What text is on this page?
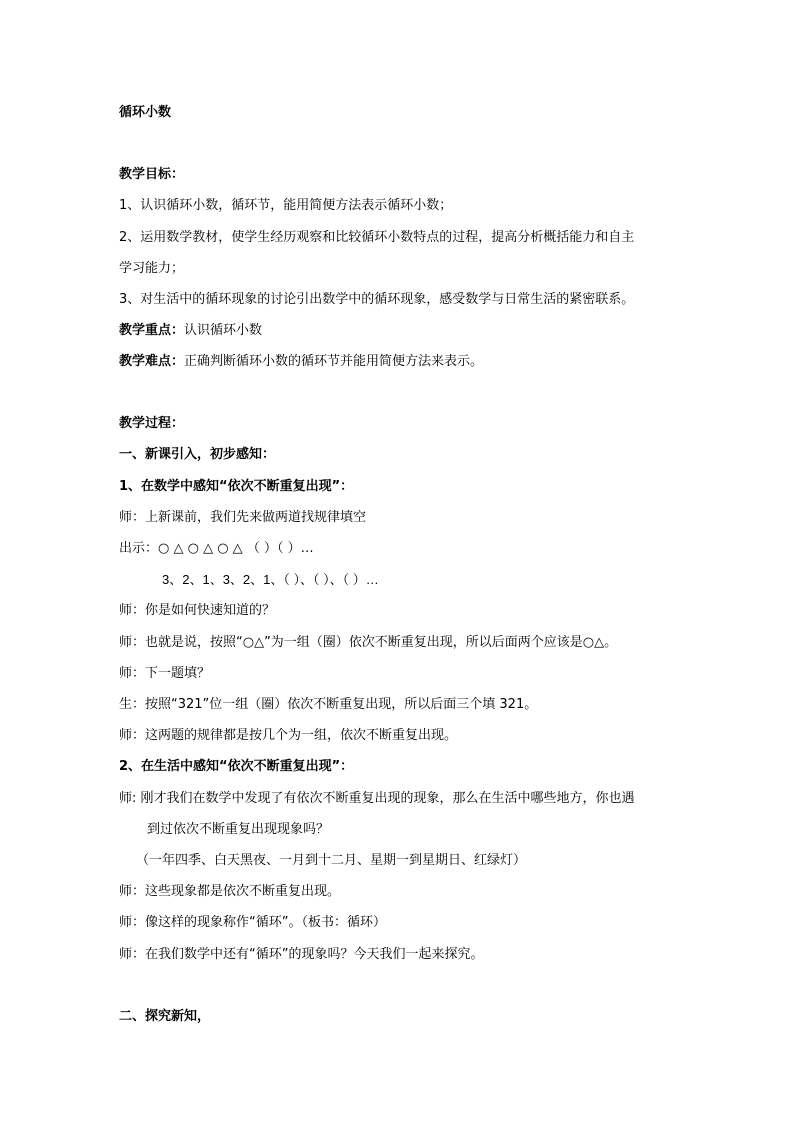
循环小数
教学目标：
1、认识循环小数，循环节，能用简便方法表示循环小数；
2、运用数学教材，使学生经历观察和比较循环小数特点的过程，提高分析概括能力和自主
学习能力；
3、对生活中的循环现象的讨论引出数学中的循环现象，感受数学与日常生活的紧密联系。
教学重点：认识循环小数
教学难点：正确判断循环小数的循环节并能用简便方法来表示。
教学过程：
一、新课引入，初步感知：
1、在数学中感知“依次不断重复出现”：
师：上新课前，我们先来做两道找规律填空
出示：○ △ ○ △ ○ △ （ ）（ ）…
3、2、1、3、2、1、（ ）、（ ）、（ ）…
师：你是如何快速知道的？
师：也就是说，按照“○△”为一组（圈）依次不断重复出现，所以后面两个应该是○△。
师：下一题填？
生：按照“321”位一组（圈）依次不断重复出现，所以后面三个填 321。
师：这两题的规律都是按几个为一组，依次不断重复出现。
2、在生活中感知“依次不断重复出现”：
师: 刚才我们在数学中发现了有依次不断重复出现的现象，那么在生活中哪些地方，你也遇
到过依次不断重复出现现象吗？
（一年四季、白天黑夜、一月到十二月、星期一到星期日、红绿灯）
师：这些现象都是依次不断重复出现。
师：像这样的现象称作“循环”。（板书：循环）
师：在我们数学中还有“循环”的现象吗？今天我们一起来探究。
二、探究新知，
